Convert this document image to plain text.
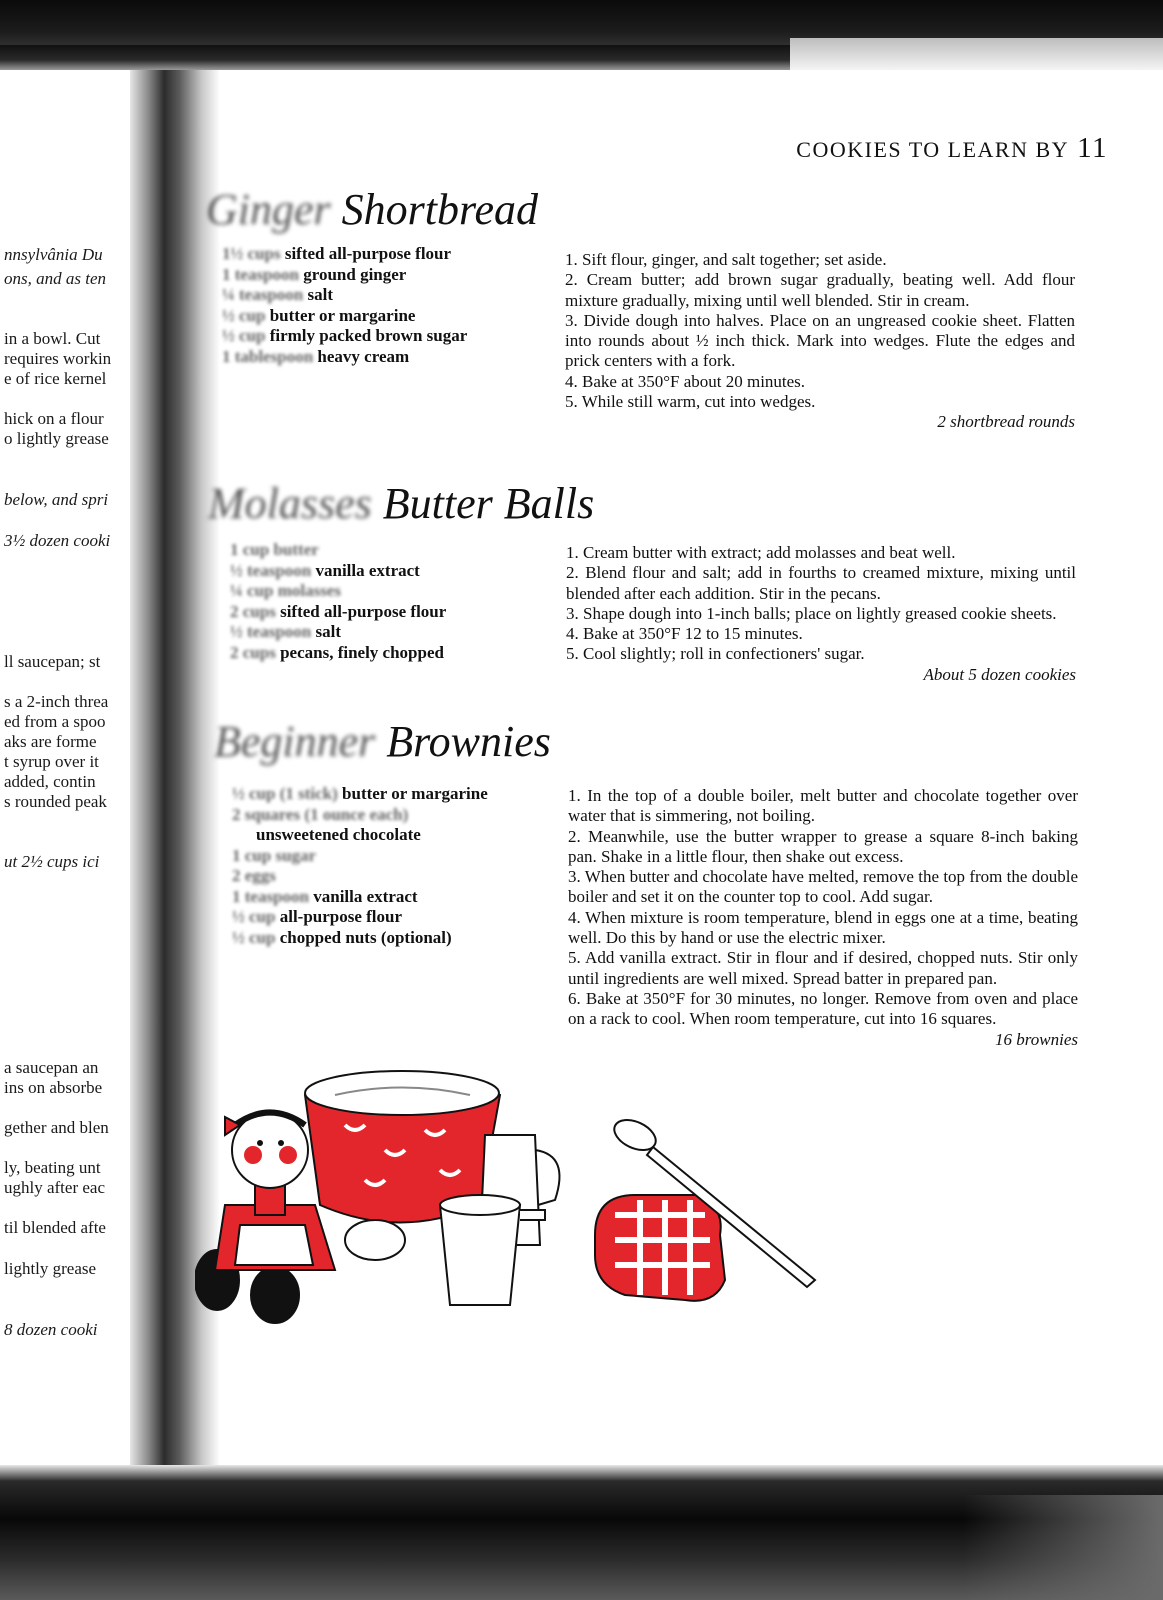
nnsylvânia Du
ons, and as ten
in a bowl. Cut
requires workin
e of rice kernel
hick on a flour
o lightly grease
below, and spri
3½ dozen cooki
ll saucepan; st
s a 2-inch threa
ed from a spoo
aks are forme
t syrup over it
added, contin
s rounded peak
ut 2½ cups ici
a saucepan an
ins on absorbe
gether and blen
ly, beating unt
ughly after eac
til blended afte
lightly grease
8 dozen cooki
COOKIES TO LEARN BY 11
Ginger Shortbread
1½ cups sifted all-purpose flour
1 teaspoon ground ginger
¼ teaspoon salt
½ cup butter or margarine
½ cup firmly packed brown sugar
1 tablespoon heavy cream

1. Sift flour, ginger, and salt together; set aside.

2. Cream butter; add brown sugar gradually, beating well. Add flour mixture gradually, mixing until well blended. Stir in cream.

3. Divide dough into halves. Place on an ungreased cookie sheet. Flatten into rounds about ½ inch thick. Mark into wedges. Flute the edges and prick centers with a fork.

4. Bake at 350°F about 20 minutes.

5. While still warm, cut into wedges.

2 shortbread rounds

Molasses Butter Balls
1 cup butter
½ teaspoon vanilla extract
¼ cup molasses
2 cups sifted all-purpose flour
½ teaspoon salt
2 cups pecans, finely chopped

1. Cream butter with extract; add molasses and beat well.

2. Blend flour and salt; add in fourths to creamed mixture, mixing until blended after each addition. Stir in the pecans.

3. Shape dough into 1-inch balls; place on lightly greased cookie sheets.

4. Bake at 350°F 12 to 15 minutes.

5. Cool slightly; roll in confectioners' sugar.

About 5 dozen cookies

Beginner Brownies
½ cup (1 stick) butter or margarine
2 squares (1 ounce each)
unsweetened chocolate
1 cup sugar
2 eggs
1 teaspoon vanilla extract
½ cup all-purpose flour
½ cup chopped nuts (optional)

1. In the top of a double boiler, melt butter and chocolate together over water that is simmering, not boiling.

2. Meanwhile, use the butter wrapper to grease a square 8-inch baking pan. Shake in a little flour, then shake out excess.

3. When butter and chocolate have melted, remove the top from the double boiler and set it on the counter top to cool. Add sugar.

4. When mixture is room temperature, blend in eggs one at a time, beating well. Do this by hand or use the electric mixer.

5. Add vanilla extract. Stir in flour and if desired, chopped nuts. Stir only until ingredients are well mixed. Spread batter in prepared pan.

6. Bake at 350°F for 30 minutes, no longer. Remove from oven and place on a rack to cool. When room temperature, cut into 16 squares.

16 brownies
